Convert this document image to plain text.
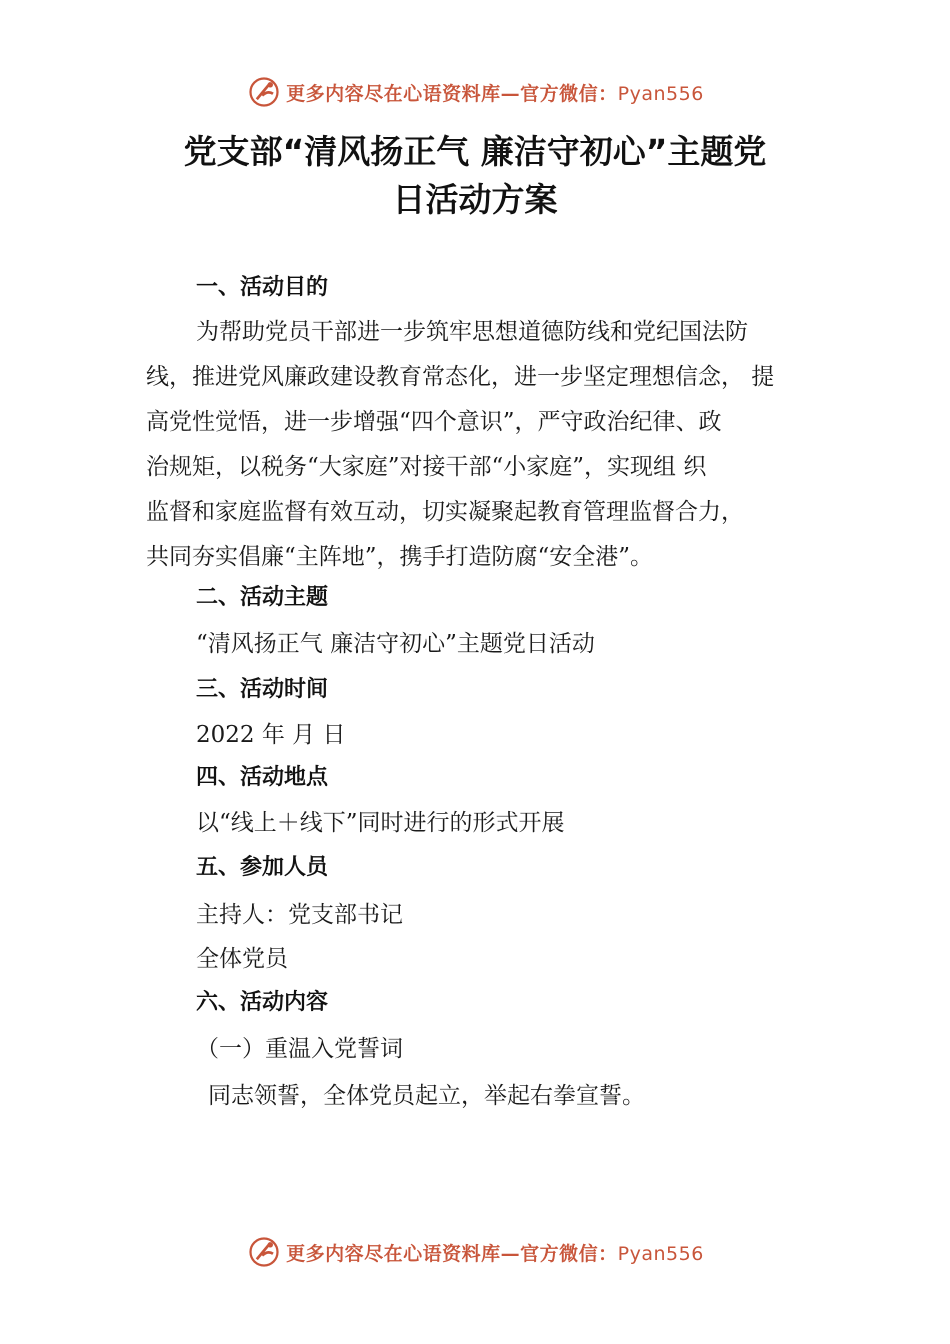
更多内容尽在心语资料库—官方微信：Pyan556
党支部“清风扬正气 廉洁守初心”主题党
日活动方案
一、活动目的
为帮助党员干部进一步筑牢思想道德防线和党纪国法防
线，推进党风廉政建设教育常态化，进一步坚定理想信念， 提
高党性觉悟，进一步增强“四个意识”，严守政治纪律、政
治规矩，以税务“大家庭”对接干部“小家庭”，实现组 织
监督和家庭监督有效互动，切实凝聚起教育管理监督合力，
共同夯实倡廉“主阵地”，携手打造防腐“安全港”。
二、活动主题
“清风扬正气 廉洁守初心”主题党日活动
三、活动时间
2022 年 月 日
四、活动地点
以“线上＋线下”同时进行的形式开展
五、参加人员
主持人：党支部书记
全体党员
六、活动内容
（一）重温入党誓词
同志领誓，全体党员起立，举起右拳宣誓。
更多内容尽在心语资料库—官方微信：Pyan556
